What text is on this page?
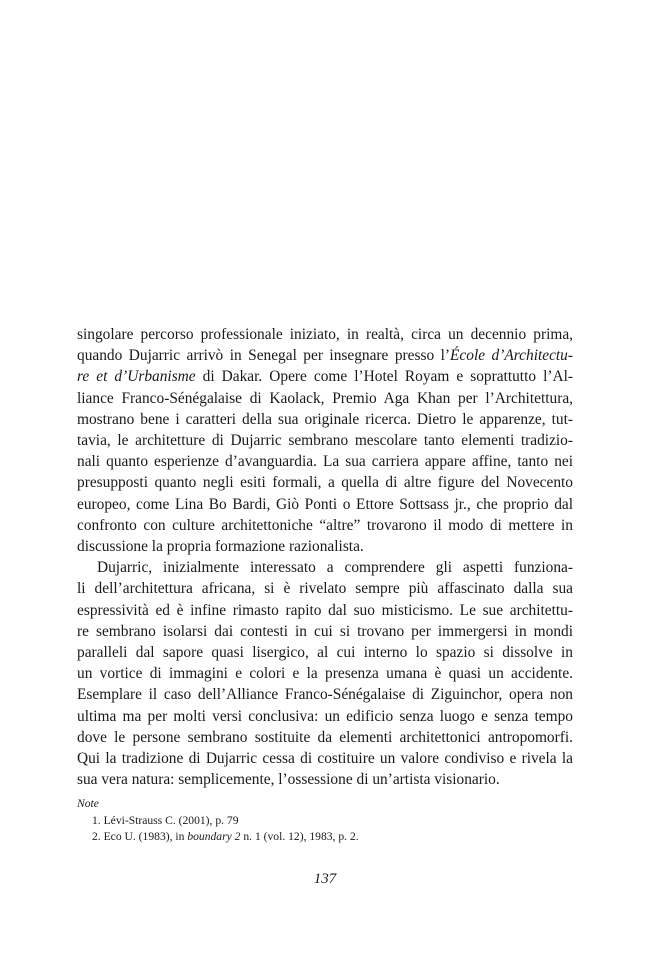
singolare percorso professionale iniziato, in realtà, circa un decennio prima,
quando Dujarric arrivò in Senegal per insegnare presso l’École d’Architectu-
re et d’Urbanisme di Dakar. Opere come l’Hotel Royam e soprattutto l’Al-
liance Franco-Sénégalaise di Kaolack, Premio Aga Khan per l’Architettura,
mostrano bene i caratteri della sua originale ricerca. Dietro le apparenze, tut-
tavia, le architetture di Dujarric sembrano mescolare tanto elementi tradizio-
nali quanto esperienze d’avanguardia. La sua carriera appare affine, tanto nei
presupposti quanto negli esiti formali, a quella di altre figure del Novecento
europeo, come Lina Bo Bardi, Giò Ponti o Ettore Sottsass jr., che proprio dal
confronto con culture architettoniche “altre” trovarono il modo di mettere in
discussione la propria formazione razionalista.
Dujarric, inizialmente interessato a comprendere gli aspetti funziona-
li dell’architettura africana, si è rivelato sempre più affascinato dalla sua
espressività ed è infine rimasto rapito dal suo misticismo. Le sue architettu-
re sembrano isolarsi dai contesti in cui si trovano per immergersi in mondi
paralleli dal sapore quasi lisergico, al cui interno lo spazio si dissolve in
un vortice di immagini e colori e la presenza umana è quasi un accidente.
Esemplare il caso dell’Alliance Franco-Sénégalaise di Ziguinchor, opera non
ultima ma per molti versi conclusiva: un edificio senza luogo e senza tempo
dove le persone sembrano sostituite da elementi architettonici antropomorfi.
Qui la tradizione di Dujarric cessa di costituire un valore condiviso e rivela la
sua vera natura: semplicemente, l’ossessione di un’artista visionario.
Note
1. Lévi-Strauss C. (2001), p. 79
2. Eco U. (1983), in boundary 2 n. 1 (vol. 12), 1983, p. 2.
137
